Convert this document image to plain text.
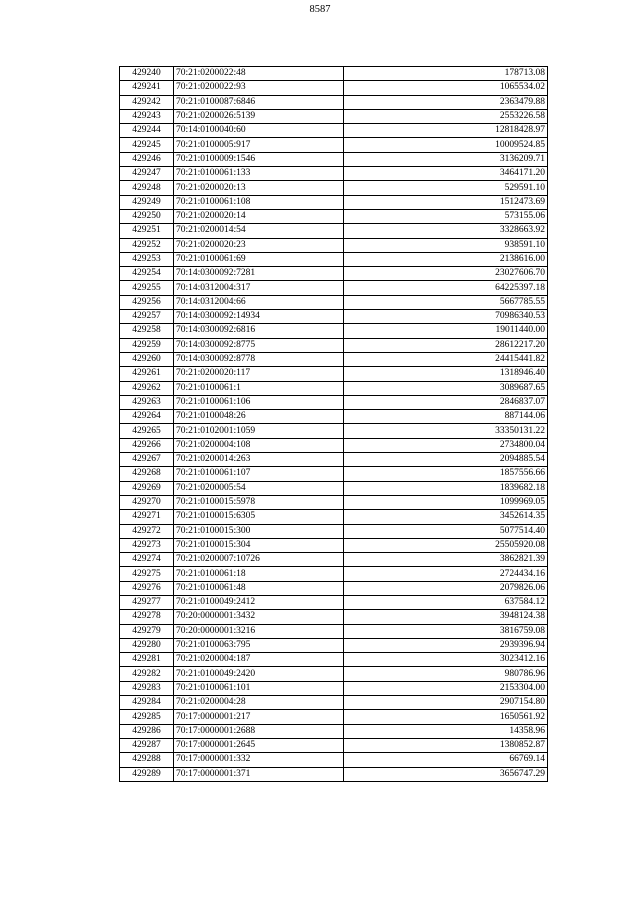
8587
429240	70:21:0200022:48	178713.08
429241	70:21:0200022:93	1065534.02
429242	70:21:0100087:6846	2363479.88
429243	70:21:0200026:5139	2553226.58
429244	70:14:0100040:60	12818428.97
429245	70:21:0100005:917	10009524.85
429246	70:21:0100009:1546	3136209.71
429247	70:21:0100061:133	3464171.20
429248	70:21:0200020:13	529591.10
429249	70:21:0100061:108	1512473.69
429250	70:21:0200020:14	573155.06
429251	70:21:0200014:54	3328663.92
429252	70:21:0200020:23	938591.10
429253	70:21:0100061:69	2138616.00
429254	70:14:0300092:7281	23027606.70
429255	70:14:0312004:317	64225397.18
429256	70:14:0312004:66	5667785.55
429257	70:14:0300092:14934	70986340.53
429258	70:14:0300092:6816	19011440.00
429259	70:14:0300092:8775	28612217.20
429260	70:14:0300092:8778	24415441.82
429261	70:21:0200020:117	1318946.40
429262	70:21:0100061:1	3089687.65
429263	70:21:0100061:106	2846837.07
429264	70:21:0100048:26	887144.06
429265	70:21:0102001:1059	33350131.22
429266	70:21:0200004:108	2734800.04
429267	70:21:0200014:263	2094885.54
429268	70:21:0100061:107	1857556.66
429269	70:21:0200005:54	1839682.18
429270	70:21:0100015:5978	1099969.05
429271	70:21:0100015:6305	3452614.35
429272	70:21:0100015:300	5077514.40
429273	70:21:0100015:304	25505920.08
429274	70:21:0200007:10726	3862821.39
429275	70:21:0100061:18	2724434.16
429276	70:21:0100061:48	2079826.06
429277	70:21:0100049:2412	637584.12
429278	70:20:0000001:3432	3948124.38
429279	70:20:0000001:3216	3816759.08
429280	70:21:0100063:795	2939396.94
429281	70:21:0200004:187	3023412.16
429282	70:21:0100049:2420	980786.96
429283	70:21:0100061:101	2153304.00
429284	70:21:0200004:28	2907154.80
429285	70:17:0000001:217	1650561.92
429286	70:17:0000001:2688	14358.96
429287	70:17:0000001:2645	1380852.87
429288	70:17:0000001:332	66769.14
429289	70:17:0000001:371	3656747.29
